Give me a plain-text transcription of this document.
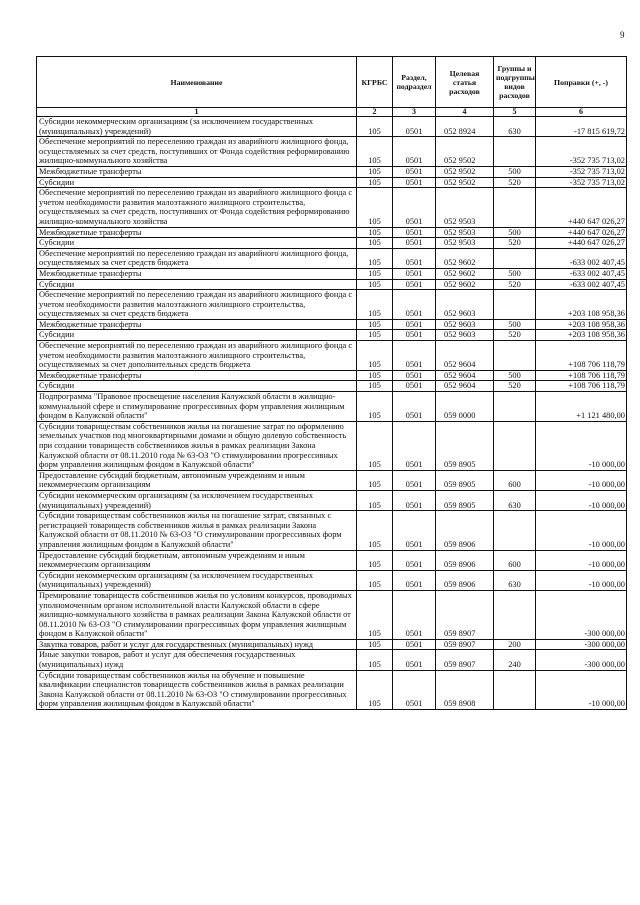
9
Наименование	КГРБС	Раздел, подраздел	Целевая статья расходов	Группы и подгруппы видов расходов	Поправки (+, -)
1	2	3	4	5	6
Субсидии некоммерческим организациям (за исключением государственных (муниципальных) учреждений)	105	0501	052 8924	630	-17 815 619,72
Обеспечение мероприятий по переселению граждан из аварийного жилищного фонда, осуществляемых за счет средств, поступивших от Фонда содействия реформированию жилищно-коммунального хозяйства	105	0501	052 9502		-352 735 713,02
Межбюджетные трансферты	105	0501	052 9502	500	-352 735 713,02
Субсидии	105	0501	052 9502	520	-352 735 713,02
Обеспечение мероприятий по переселению граждан из аварийного жилищного фонда с учетом необходимости развития малоэтажного жилищного строительства, осуществляемых за счет средств, поступивших от Фонда содействия реформированию жилищно-коммунального хозяйства	105	0501	052 9503		+440 647 026,27
Межбюджетные трансферты	105	0501	052 9503	500	+440 647 026,27
Субсидии	105	0501	052 9503	520	+440 647 026,27
Обеспечение мероприятий по переселению граждан из аварийного жилищного фонда, осуществляемых за счет средств бюджета	105	0501	052 9602		-633 002 407,45
Межбюджетные трансферты	105	0501	052 9602	500	-633 002 407,45
Субсидии	105	0501	052 9602	520	-633 002 407,45
Обеспечение мероприятий по переселению граждан из аварийного жилищного фонда с учетом необходимости развития малоэтажного жилищного строительства, осуществляемых за счет средств бюджета	105	0501	052 9603		+203 108 958,36
Межбюджетные трансферты	105	0501	052 9603	500	+203 108 958,36
Субсидии	105	0501	052 9603	520	+203 108 958,36
Обеспечение мероприятий по переселению граждан из аварийного жилищного фонда с учетом необходимости развития малоэтажного жилищного строительства, осуществляемых за счет дополнительных средств бюджета	105	0501	052 9604		+108 706 118,79
Межбюджетные трансферты	105	0501	052 9604	500	+108 706 118,79
Субсидии	105	0501	052 9604	520	+108 706 118,79
Подпрограмма "Правовое просвещение населения Калужской области в жилищно-коммунальной сфере и стимулирование прогрессивных форм управления жилищным фондом в Калужской области"	105	0501	059 0000		+1 121 480,00
Субсидии товариществам собственников жилья на погашение затрат по оформлению земельных участков под многоквартирными домами и общую долевую собственность при создании товариществ собственников жилья в рамках реализации Закона Калужской области от 08.11.2010 года № 63-ОЗ "О стимулировании прогрессивных форм управления жилищным фондом в Калужской области"	105	0501	059 8905		-10 000,00
Предоставление субсидий бюджетным, автономным учреждениям и иным некоммерческим организациям	105	0501	059 8905	600	-10 000,00
Субсидии некоммерческим организациям (за исключением государственных (муниципальных) учреждений)	105	0501	059 8905	630	-10 000,00
Субсидии товариществам собственников жилья на погашение затрат, связанных с регистрацией товариществ собственников жилья в рамках реализации Закона Калужской области от 08.11.2010 № 63-ОЗ "О стимулировании прогрессивных форм управления жилищным фондом в Калужской области"	105	0501	059 8906		-10 000,00
Предоставление субсидий бюджетным, автономным учреждениям и иным некоммерческим организациям	105	0501	059 8906	600	-10 000,00
Субсидии некоммерческим организациям (за исключением государственных (муниципальных) учреждений)	105	0501	059 8906	630	-10 000,00
Премирование товариществ собственников жилья по условиям конкурсов, проводимых уполномоченным органом исполнительной власти Калужской области в сфере жилищно-коммунального хозяйства в рамках реализации Закона Калужской области от 08.11.2010 № 63-ОЗ "О стимулировании прогрессивных форм управления жилищным фондом в Калужской области"	105	0501	059 8907		-300 000,00
Закупка товаров, работ и услуг для государственных (муниципальных) нужд	105	0501	059 8907	200	-300 000,00
Иные закупки товаров, работ и услуг для обеспечения государственных (муниципальных) нужд	105	0501	059 8907	240	-300 000,00
Субсидии товариществам собственников жилья на обучение и повышение квалификации специалистов товариществ собственников жилья в рамках реализации Закона Калужской области от 08.11.2010 № 63-ОЗ "О стимулировании прогрессивных форм управления жилищным фондом в Калужской области"	105	0501	059 8908		-10 000,00
